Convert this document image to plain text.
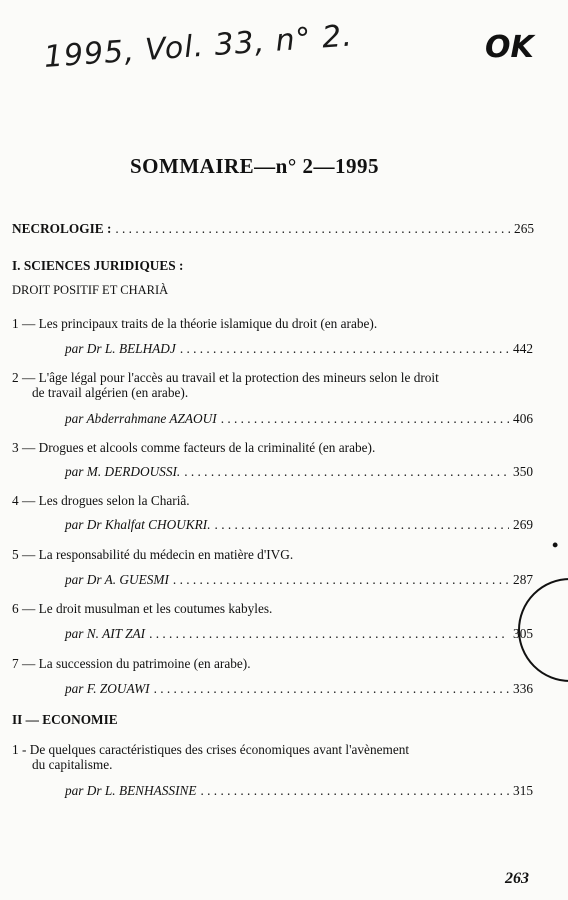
1995, Vol. 33, n° 2.	OK
SOMMAIRE—n° 2—1995
NECROLOGIE : . . .	265
I. SCIENCES JURIDIQUES :
DROIT POSITIF ET CHARIÀ
1 — Les principaux traits de la théorie islamique du droit (en arabe).
par Dr L. BELHADJ . . .	442
2 — L'âge légal pour l'accès au travail et la protection des mineurs selon le droit
de travail algérien (en arabe).
par Abderrahmane AZAOUI . . .	406
3 — Drogues et alcools comme facteurs de la criminalité (en arabe).
par M. DERDOUSSI. . . .	350
4 — Les drogues selon la Chariâ.
par Dr Khalfat CHOUKRI. . . .	269
5 — La responsabilité du médecin en matière d'IVG.
par Dr A. GUESMI . . .	287
6 — Le droit musulman et les coutumes kabyles.
par N. AIT ZAI . . .	305
7 — La succession du patrimoine (en arabe).
par F. ZOUAWI . . .	336
II — ECONOMIE
1 - De quelques caractéristiques des crises économiques avant l'avènement
du capitalisme.
par Dr L. BENHASSINE . . .	315
263
•
